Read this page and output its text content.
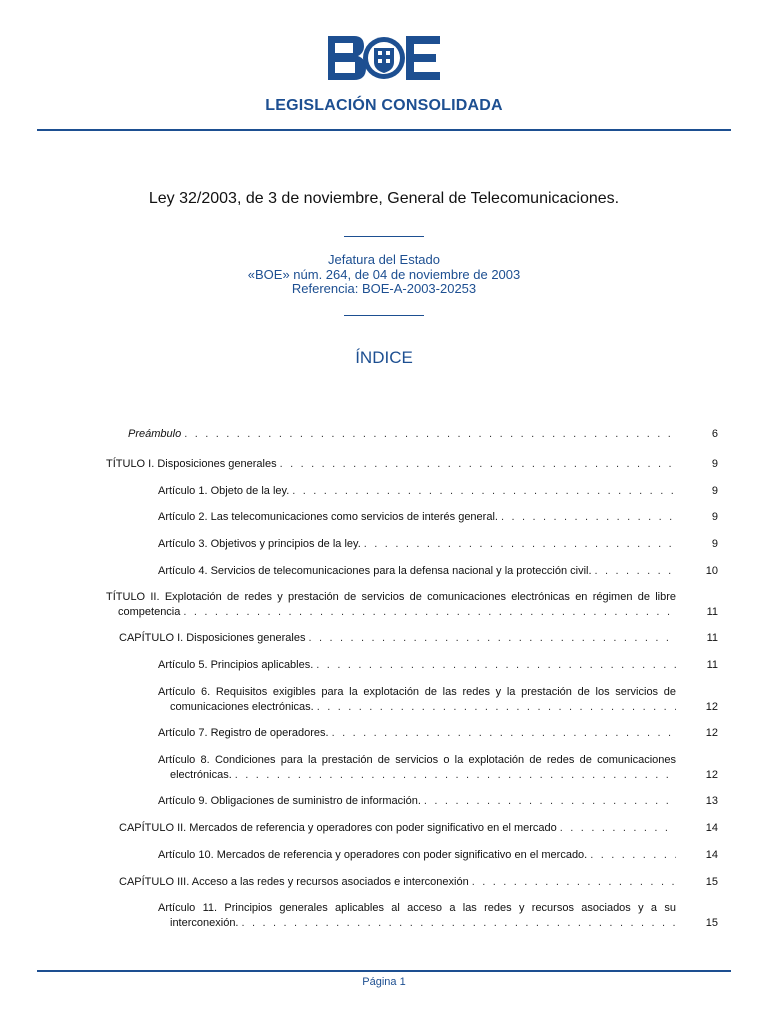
LEGISLACIÓN CONSOLIDADA
Ley 32/2003, de 3 de noviembre, General de Telecomunicaciones.
Jefatura del Estado
«BOE» núm. 264, de 04 de noviembre de 2003
Referencia: BOE-A-2003-20253
ÍNDICE
Preámbulo . . .	6
TÍTULO I. Disposiciones generales . . .	9
Artículo 1. Objeto de la ley. . . .	9
Artículo 2. Las telecomunicaciones como servicios de interés general. . . .	9
Artículo 3. Objetivos y principios de la ley. . . .	9
Artículo 4. Servicios de telecomunicaciones para la defensa nacional y la protección civil. . . .	10
TÍTULO II. Explotación de redes y prestación de servicios de comunicaciones electrónicas en régimen de libre
competencia . . .	11
CAPÍTULO I. Disposiciones generales . . .	11
Artículo 5. Principios aplicables. . . .	11
Artículo 6. Requisitos exigibles para la explotación de las redes y la prestación de los servicios de
comunicaciones electrónicas. . . .	12
Artículo 7. Registro de operadores. . . .	12
Artículo 8. Condiciones para la prestación de servicios o la explotación de redes de comunicaciones
electrónicas. . . .	12
Artículo 9. Obligaciones de suministro de información. . . .	13
CAPÍTULO II. Mercados de referencia y operadores con poder significativo en el mercado . . .	14
Artículo 10. Mercados de referencia y operadores con poder significativo en el mercado. . . .	14
CAPÍTULO III. Acceso a las redes y recursos asociados e interconexión . . .	15
Artículo 11. Principios generales aplicables al acceso a las redes y recursos asociados y a su
interconexión. . . .	15
Página 1
